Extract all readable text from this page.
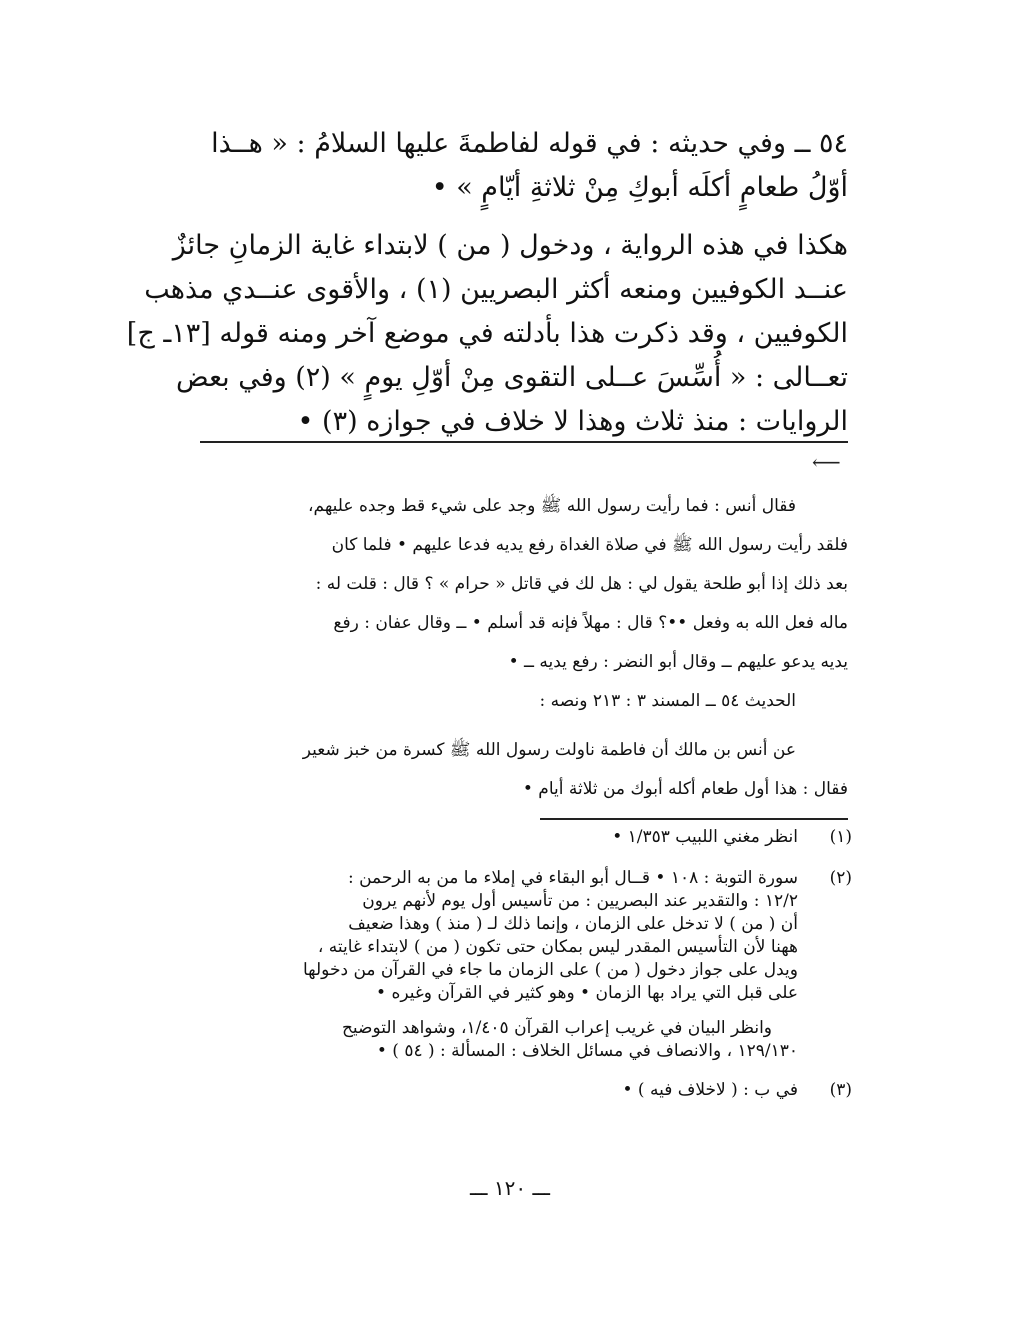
٥٤ ــ وفي حديثه : في قوله لفاطمةَ عليها السلامُ : « هــذا
أوّلُ طعامٍ أكلَه أبوكِ مِنْ ثلاثةِ أيّامٍ » •
هكذا في هذه الرواية ، ودخول ( من ) لابتداء غاية الزمانِ جائزٌ
عنــد الكوفيين ومنعه أكثر البصريين (١) ، والأقوى عنــدي مذهب
الكوفيين ، وقد ذكرت هذا بأدلته في موضع آخر ومنه قوله [١٣ـ ج]
تعــالى : « أُسِّسَ عــلى التقوى مِنْ أوّلِ يومٍ » (٢) وفي بعض
الروايات : منذ ثلاث وهذا لا خلاف في جوازه (٣) •
⟵
فقال أنس : فما رأيت رسول الله ﷺ وجد على شيء قط وجده عليهم،
فلقد رأيت رسول الله ﷺ في صلاة الغداة رفع يديه فدعا عليهم • فلما كان
بعد ذلك إذا أبو طلحة يقول لي : هل لك في قاتل « حرام » ؟ قال : قلت له :
ماله فعل الله به وفعل ••؟ قال : مهلاً فإنه قد أسلم • ــ وقال عفان : رفع
يديه يدعو عليهم ــ وقال أبو النضر : رفع يديه ــ •
الحديث ٥٤ ــ المسند ٣ : ٢١٣ ونصه :
عن أنس بن مالك أن فاطمة ناولت رسول الله ﷺ كسرة من خبز شعير
فقال : هذا أول طعام أكله أبوك من ثلاثة أيام •
(١)
انظر مغني اللبيب ١/٣٥٣ •
(٢)
سورة التوبة : ١٠٨ • قــال أبو البقاء في إملاء ما من به الرحمن :
١٢/٢ : والتقدير عند البصريين : من تأسيس أول يوم لأنهم يرون
أن ( من ) لا تدخل على الزمان ، وإنما ذلك لـ ( منذ ) وهذا ضعيف
ههنا لأن التأسيس المقدر ليس بمكان حتى تكون ( من ) لابتداء غايته ،
ويدل على جواز دخول ( من ) على الزمان ما جاء في القرآن من دخولها
على قبل التي يراد بها الزمان • وهو كثير في القرآن وغيره •
وانظر البيان في غريب إعراب القرآن ١/٤٠٥، وشواهد التوضيح
١٢٩/١٣٠ ، والانصاف في مسائل الخلاف : المسألة : ( ٥٤ ) •
(٣)
في ب : ( لاخلاف فيه ) •
ـــ ١٢٠ ـــ
